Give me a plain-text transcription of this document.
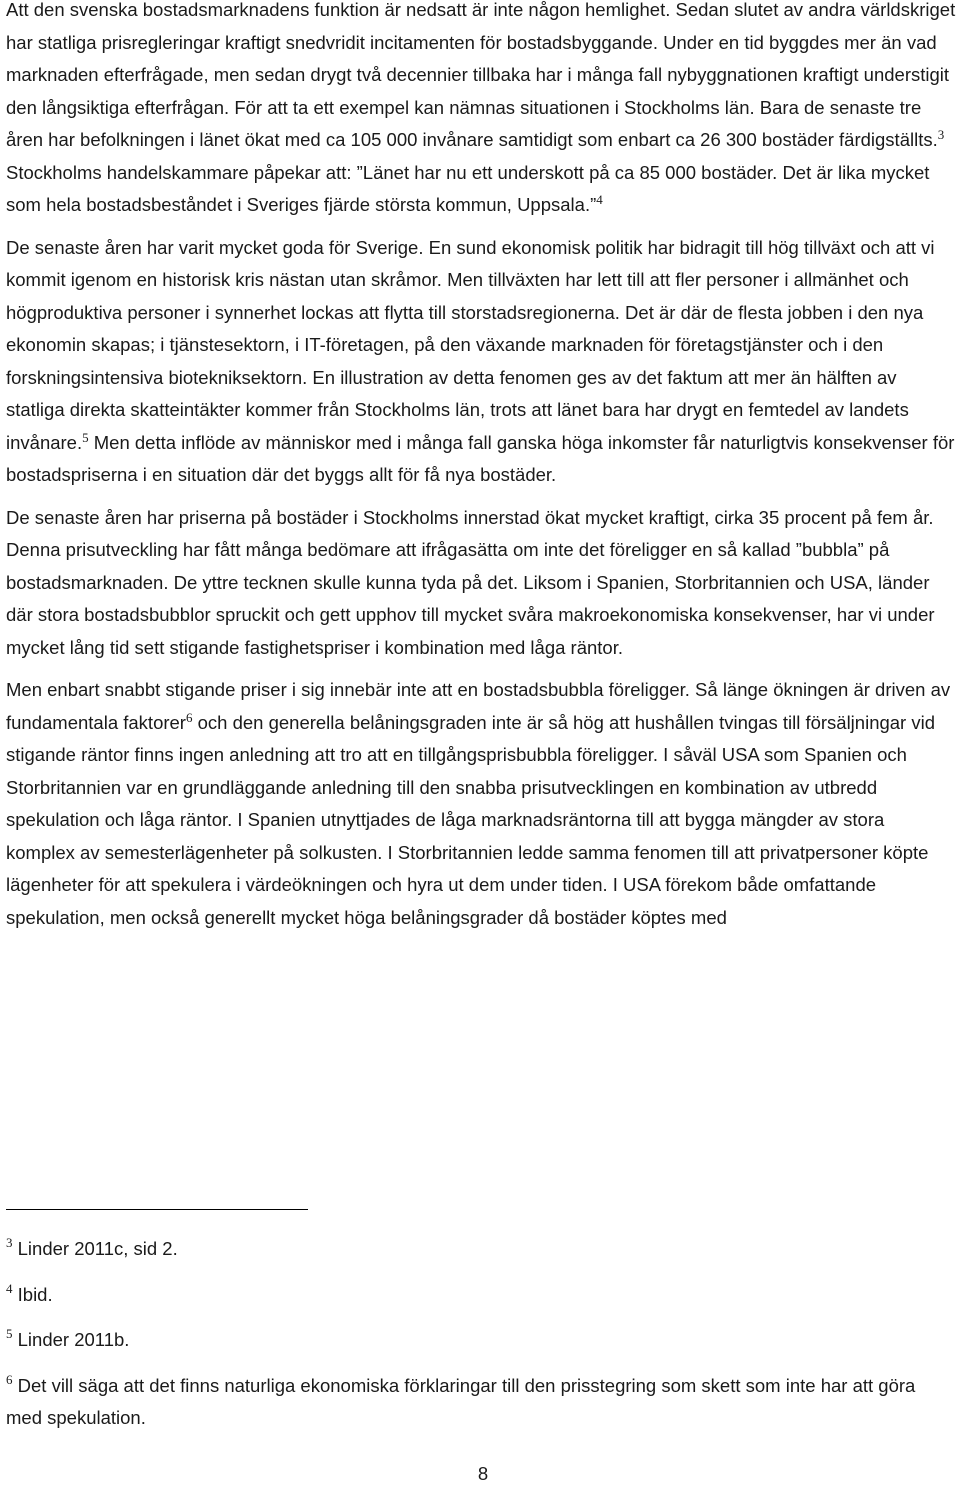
Att den svenska bostadsmarknadens funktion är nedsatt är inte någon hemlighet. Sedan slutet av andra världskriget har statliga prisregleringar kraftigt snedvridit incitamenten för bostadsbyggande. Under en tid byggdes mer än vad marknaden efterfrågade, men sedan drygt två decennier tillbaka har i många fall nybyggnationen kraftigt understigit den långsiktiga efterfrågan. För att ta ett exempel kan nämnas situationen i Stockholms län. Bara de senaste tre åren har befolkningen i länet ökat med ca 105 000 invånare samtidigt som enbart ca 26 300 bostäder färdigställts.$^3$ Stockholms handelskammare påpekar att: ”Länet har nu ett underskott på ca 85 000 bostäder. Det är lika mycket som hela bostadsbeståndet i Sveriges fjärde största kommun, Uppsala.”$^4$

De senaste åren har varit mycket goda för Sverige. En sund ekonomisk politik har bidragit till hög tillväxt och att vi kommit igenom en historisk kris nästan utan skråmor. Men tillväxten har lett till att fler personer i allmänhet och högproduktiva personer i synnerhet lockas att flytta till storstadsregionerna. Det är där de flesta jobben i den nya ekonomin skapas; i tjänstesektorn, i IT-företagen, på den växande marknaden för företagstjänster och i den forskningsintensiva biotekniksektorn. En illustration av detta fenomen ges av det faktum att mer än hälften av statliga direkta skatteintäkter kommer från Stockholms län, trots att länet bara har drygt en femtedel av landets invånare.$^5$ Men detta inflöde av människor med i många fall ganska höga inkomster får naturligtvis konsekvenser för bostadspriserna i en situation där det byggs allt för få nya bostäder.

De senaste åren har priserna på bostäder i Stockholms innerstad ökat mycket kraftigt, cirka 35 procent på fem år. Denna prisutveckling har fått många bedömare att ifrågasätta om inte det föreligger en så kallad ”bubbla” på bostadsmarknaden. De yttre tecknen skulle kunna tyda på det. Liksom i Spanien, Storbritannien och USA, länder där stora bostadsbubblor spruckit och gett upphov till mycket svåra makroekonomiska konsekvenser, har vi under mycket lång tid sett stigande fastighetspriser i kombination med låga räntor.

Men enbart snabbt stigande priser i sig innebär inte att en bostadsbubbla föreligger. Så länge ökningen är driven av fundamentala faktorer$^6$ och den generella belåningsgraden inte är så hög att hushållen tvingas till försäljningar vid stigande räntor finns ingen anledning att tro att en tillgångsprisbubbla föreligger. I såväl USA som Spanien och Storbritannien var en grundläggande anledning till den snabba prisutvecklingen en kombination av utbredd spekulation och låga räntor. I Spanien utnyttjades de låga marknadsräntorna till att bygga mängder av stora komplex av semesterlägenheter på solkusten. I Storbritannien ledde samma fenomen till att privatpersoner köpte lägenheter för att spekulera i värdeökningen och hyra ut dem under tiden. I USA förekom både omfattande spekulation, men också generellt mycket höga belåningsgrader då bostäder köptes med

$^3$ Linder 2011c, sid 2.

$^4$ Ibid.

$^5$ Linder 2011b.

$^6$ Det vill säga att det finns naturliga ekonomiska förklaringar till den prisstegring som skett som inte har att göra med spekulation.

8
